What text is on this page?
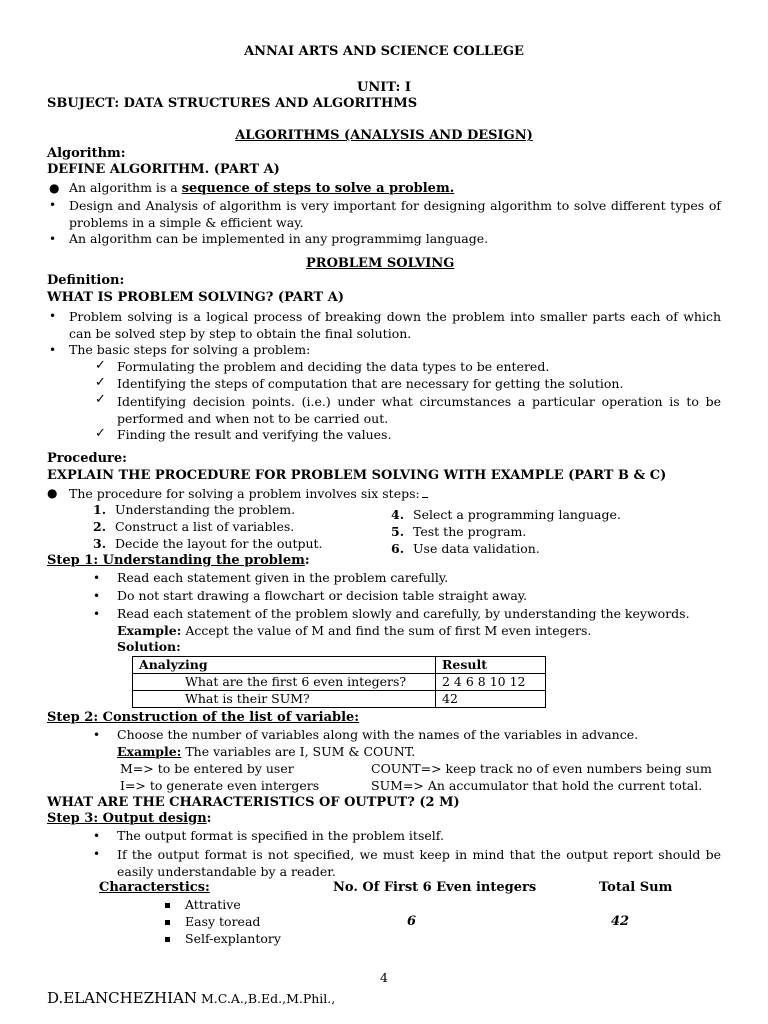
ANNAI ARTS AND SCIENCE COLLEGE
UNIT: I
SBUJECT: DATA STRUCTURES AND ALGORITHMS
ALGORITHMS (ANALYSIS AND DESIGN)
Algorithm:
DEFINE ALGORITHM. (PART A)
● An algorithm is a sequence of steps to solve a problem.
• Design and Analysis of algorithm is very important for designing algorithm to solve different types of problems in a simple & efficient way.
• An algorithm can be implemented in any programmimg language.
PROBLEM SOLVING
Definition:
WHAT IS PROBLEM SOLVING? (PART A)
• Problem solving is a logical process of breaking down the problem into smaller parts each of which can be solved step by step to obtain the final solution.
• The basic steps for solving a problem:
✓ Formulating the problem and deciding the data types to be entered.
✓ Identifying the steps of computation that are necessary for getting the solution.
✓ Identifying decision points. (i.e.) under what circumstances a particular operation is to be performed and when not to be carried out.
✓ Finding the result and verifying the values.
Procedure:
EXPLAIN THE PROCEDURE FOR PROBLEM SOLVING WITH EXAMPLE (PART B & C)
● The procedure for solving a problem involves six steps:
1. Understanding the problem.
2. Construct a list of variables.
3. Decide the layout for the output.
4. Select a programming language.
5. Test the program.
6. Use data validation.
Step 1: Understanding the problem:
• Read each statement given in the problem carefully.
• Do not start drawing a flowchart or decision table straight away.
• Read each statement of the problem slowly and carefully, by understanding the keywords.
Example: Accept the value of M and find the sum of first M even integers.
Solution:
Analyzing	Result
What are the first 6 even integers?	2 4 6 8 10 12
What is their SUM?	42
Step 2: Construction of the list of variable:
• Choose the number of variables along with the names of the variables in advance.
Example: The variables are I, SUM & COUNT.
M=> to be entered by user	COUNT=> keep track no of even numbers being sum
I=> to generate even intergers	SUM=> An accumulator that hold the current total.
WHAT ARE THE CHARACTERISTICS OF OUTPUT? (2 M)
Step 3: Output design:
• The output format is specified in the problem itself.
• If the output format is not specified, we must keep in mind that the output report should be easily understandable by a reader.
Characterstics:	No. Of First 6 Even integers	Total Sum
Attrative
Easy toread
Self-explantory
6	42
4
D.ELANCHEZHIAN M.C.A.,B.Ed.,M.Phil.,
